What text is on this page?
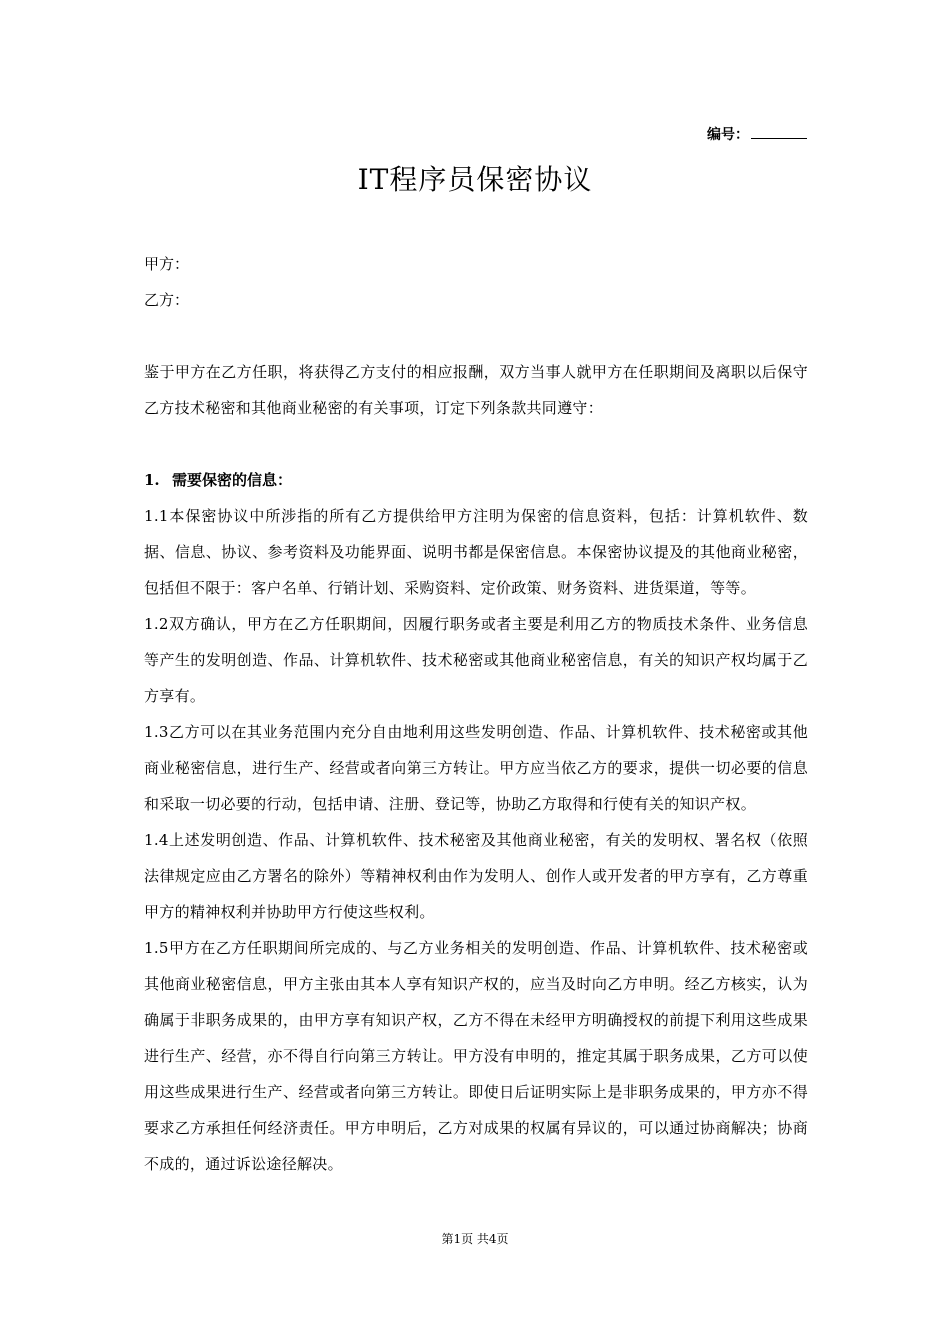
编号：
IT程序员保密协议

甲方：

乙方：

鉴于甲方在乙方任职，将获得乙方支付的相应报酬，双方当事人就甲方在任职期间及离职以后保守乙方技术秘密和其他商业秘密的有关事项，订定下列条款共同遵守：

1. 需要保密的信息：

1.1本保密协议中所涉指的所有乙方提供给甲方注明为保密的信息资料，包括：计算机软件、数据、信息、协议、参考资料及功能界面、说明书都是保密信息。本保密协议提及的其他商业秘密，包括但不限于：客户名单、行销计划、采购资料、定价政策、财务资料、进货渠道，等等。

1.2双方确认，甲方在乙方任职期间，因履行职务或者主要是利用乙方的物质技术条件、业务信息等产生的发明创造、作品、计算机软件、技术秘密或其他商业秘密信息，有关的知识产权均属于乙方享有。

1.3乙方可以在其业务范围内充分自由地利用这些发明创造、作品、计算机软件、技术秘密或其他商业秘密信息，进行生产、经营或者向第三方转让。甲方应当依乙方的要求，提供一切必要的信息和采取一切必要的行动，包括申请、注册、登记等，协助乙方取得和行使有关的知识产权。

1.4上述发明创造、作品、计算机软件、技术秘密及其他商业秘密，有关的发明权、署名权（依照法律规定应由乙方署名的除外）等精神权利由作为发明人、创作人或开发者的甲方享有，乙方尊重甲方的精神权利并协助甲方行使这些权利。

1.5甲方在乙方任职期间所完成的、与乙方业务相关的发明创造、作品、计算机软件、技术秘密或其他商业秘密信息，甲方主张由其本人享有知识产权的，应当及时向乙方申明。经乙方核实，认为确属于非职务成果的，由甲方享有知识产权，乙方不得在未经甲方明确授权的前提下利用这些成果进行生产、经营，亦不得自行向第三方转让。甲方没有申明的，推定其属于职务成果，乙方可以使用这些成果进行生产、经营或者向第三方转让。即使日后证明实际上是非职务成果的，甲方亦不得要求乙方承担任何经济责任。甲方申明后，乙方对成果的权属有异议的，可以通过协商解决；协商不成的，通过诉讼途径解决。

第1页 共4页
